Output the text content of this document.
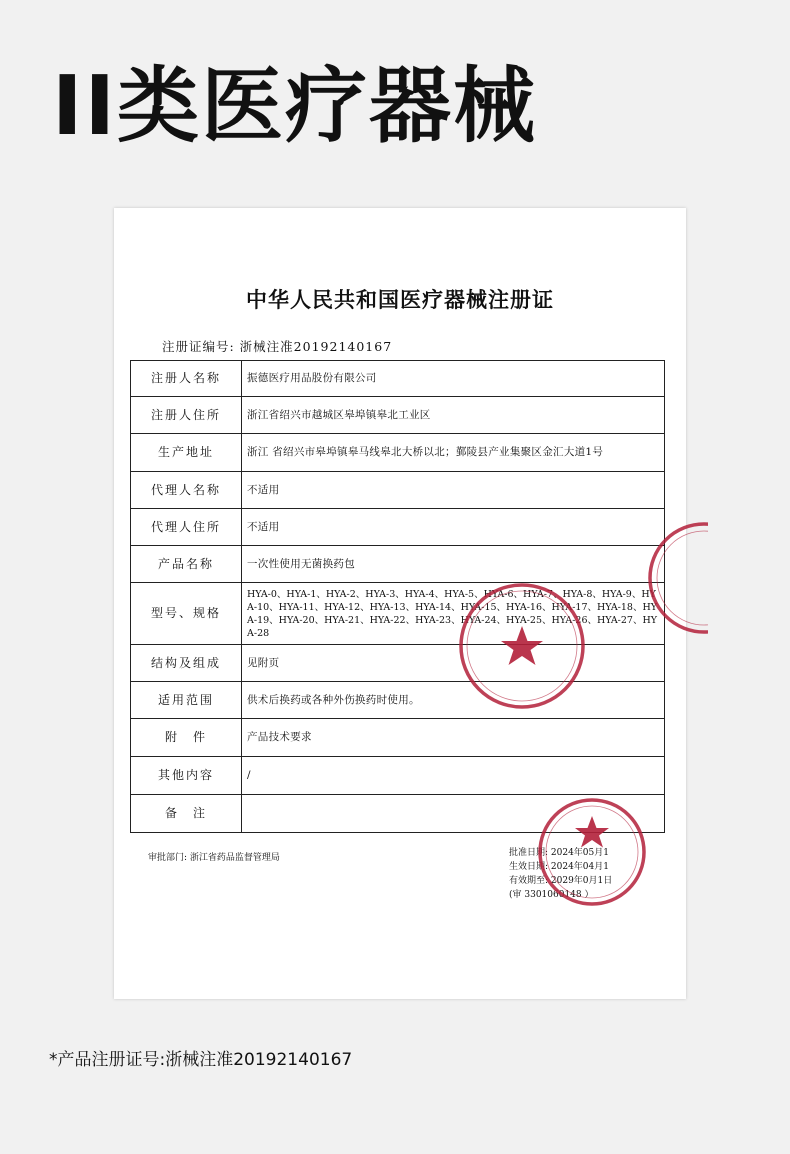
II类医疗器械
中华人民共和国医疗器械注册证
注册证编号: 浙械注准20192140167
注册人名称	振德医疗用品股份有限公司
注册人住所	浙江省绍兴市越城区皋埠镇皋北工业区
生产地址	浙江 省绍兴市皋埠镇皋马线皋北大桥以北；鄞陵县产业集聚区金汇大道1号
代理人名称	不适用
代理人住所	不适用
产品名称	一次性使用无菌换药包
型号、规格	HYA-0、HYA-1、HYA-2、HYA-3、HYA-4、HYA-5、HYA-6、HYA-7、HYA-8、HYA-9、HYA-10、HYA-11、HYA-12、HYA-13、HYA-14、HYA-15、HYA-16、HYA-17、HYA-18、HYA-19、HYA-20、HYA-21、HYA-22、HYA-23、HYA-24、HYA-25、HYA-26、HYA-27、HYA-28
结构及组成	见附页
适用范围	供术后换药或各种外伤换药时使用。
附　件	产品技术要求
其他内容	/
备　注	
审批部门: 浙江省药品监督管理局	批准日期: 2024年05月1
生效日期: 2024年04月1
有效期至: 2029年0月1日
(审 3301060148 ）
*产品注册证号:浙械注准20192140167
